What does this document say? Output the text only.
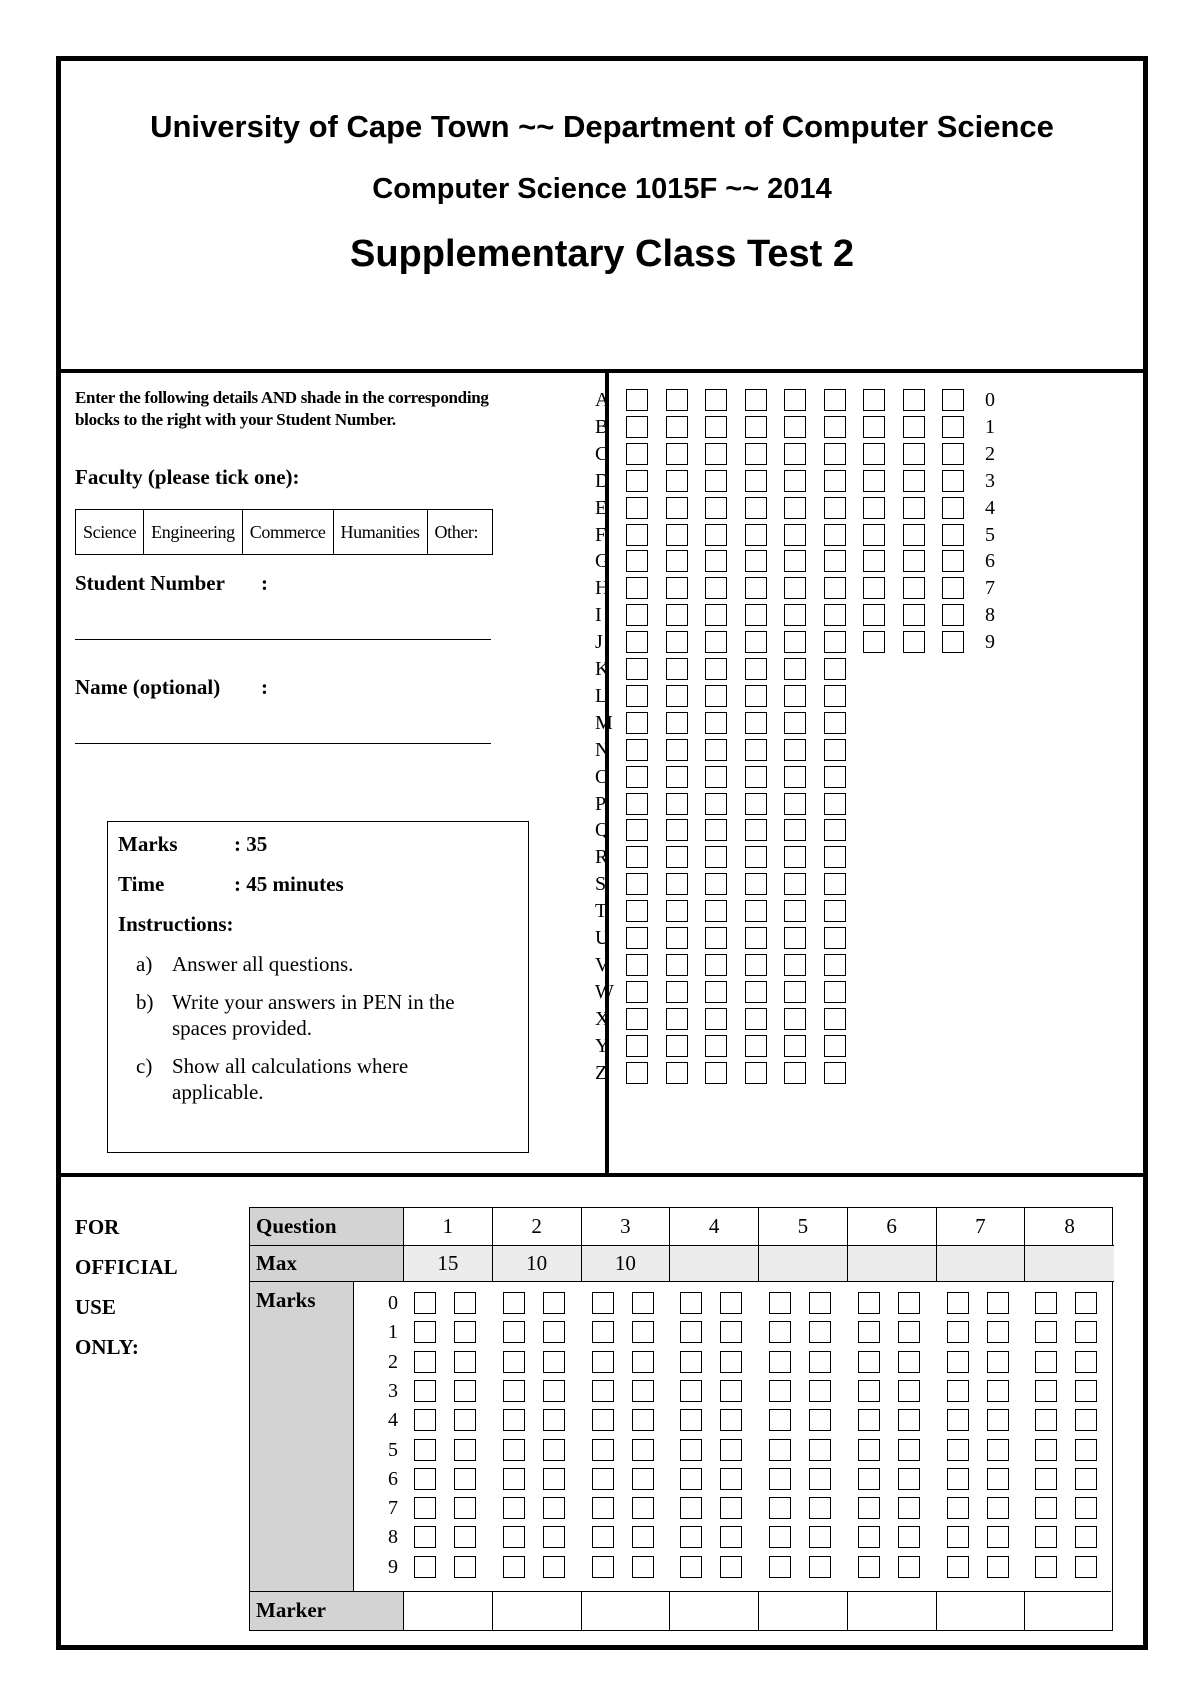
University of Cape Town ~~ Department of Computer Science
Computer Science 1015F ~~ 2014
Supplementary Class Test 2
Enter the following details AND shade in the corresponding
blocks to the right with your Student Number.
Faculty (please tick one):
Science	Engineering	Commerce	Humanities	Other:
Student Number :
Name (optional) :
Marks	: 35
Time	: 45 minutes
Instructions:
a) Answer all questions.
b) Write your answers in PEN in the
spaces provided.
c) Show all calculations where
applicable.
A	0
B	1
C	2
D	3
E	4
F	5
G	6
H	7
I	8
J	9
K
L
M
N
O
P
Q
R
S
T
U
V
W
X
Y
Z
FOR
OFFICIAL
USE
ONLY:
Question	1	2	3	4	5	6	7	8
Max	15	10	10
Marks	0
1
2
3
4
5
6
7
8
9
Marker
